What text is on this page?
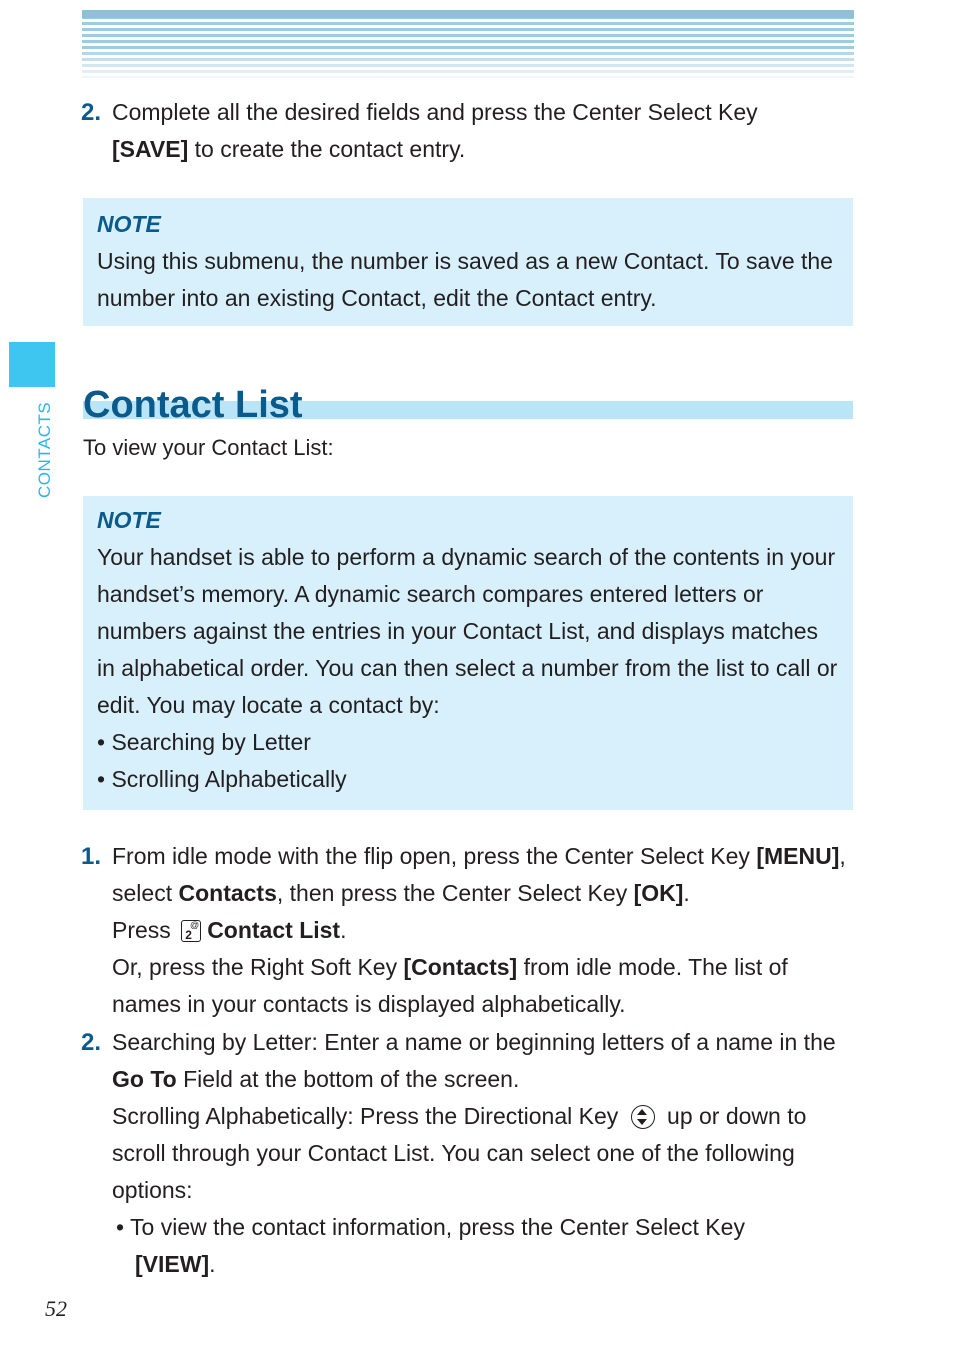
CONTACTS
2. Complete all the desired fields and press the Center Select Key
[SAVE] to create the contact entry.
NOTE
Using this submenu, the number is saved as a new Contact. To save the number into an existing Contact, edit the Contact entry.
Contact List
To view your Contact List:
NOTE
Your handset is able to perform a dynamic search of the contents in your handset’s memory. A dynamic search compares entered letters or numbers against the entries in your Contact List, and displays matches in alphabetical order. You can then select a number from the list to call or edit. You may locate a contact by:
• Searching by Letter
• Scrolling Alphabetically
1. From idle mode with the flip open, press the Center Select Key [MENU], select Contacts, then press the Center Select Key [OK].
Press 2
@ Contact List.
Or, press the Right Soft Key [Contacts] from idle mode. The list of names in your contacts is displayed alphabetically.
2. Searching by Letter: Enter a name or beginning letters of a name in the Go To Field at the bottom of the screen.
Scrolling Alphabetically: Press the Directional Key  up or down to scroll through your Contact List. You can select one of the following options:
• To view the contact information, press the Center Select Key
[VIEW].
52
